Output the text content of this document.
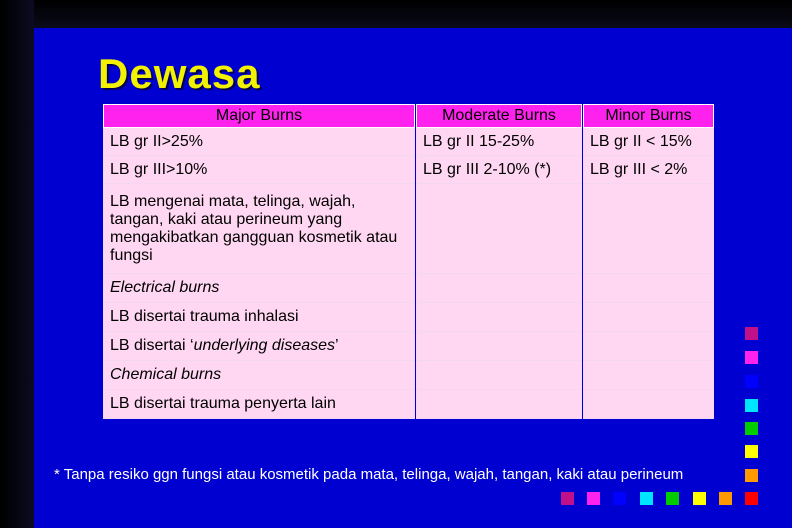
Dewasa
Major Burns		Moderate Burns		Minor Burns
LB gr II>25%		LB gr II 15-25%		LB gr II < 15%
LB gr III>10%		LB gr III 2-10% (*)		LB gr III < 2%
LB mengenai mata, telinga, wajah, tangan, kaki atau perineum yang mengakibatkan gangguan kosmetik atau fungsi				
Electrical burns				
LB disertai trauma inhalasi				
LB disertai ‘underlying diseases’				
Chemical burns				
LB disertai trauma penyerta lain				
* Tanpa resiko ggn fungsi atau kosmetik pada mata, telinga, wajah, tangan, kaki atau perineum
